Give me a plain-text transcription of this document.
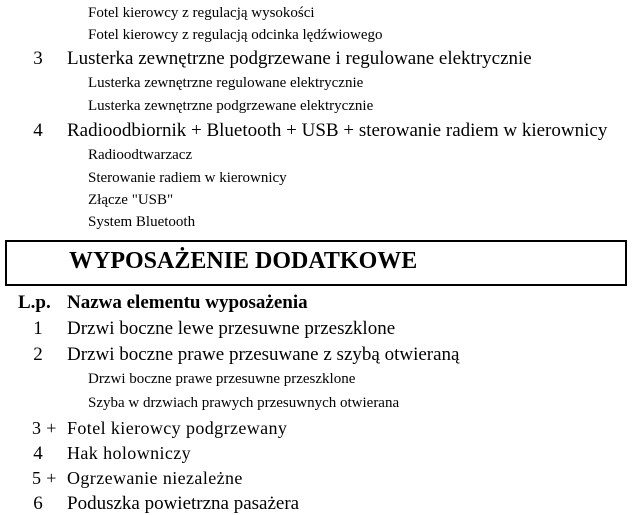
Fotel kierowcy z regulacją wysokości
Fotel kierowcy z regulacją odcinka lędźwiowego
3	Lusterka zewnętrzne podgrzewane i regulowane elektrycznie
Lusterka zewnętrzne regulowane elektrycznie
Lusterka zewnętrzne podgrzewane elektrycznie
4	Radioodbiornik + Bluetooth + USB + sterowanie radiem w kierownicy
Radioodtwarzacz
Sterowanie radiem w kierownicy
Złącze "USB"
System Bluetooth
WYPOSAŻENIE DODATKOWE
L.p. Nazwa elementu wyposażenia
1	Drzwi boczne lewe przesuwne przeszklone
2	Drzwi boczne prawe przesuwane z szybą otwieraną
Drzwi boczne prawe przesuwne przeszklone
Szyba w drzwiach prawych przesuwnych otwierana
3 + Fotel kierowcy podgrzewany
4	Hak holowniczy
5 + Ogrzewanie niezależne
6	Poduszka powietrzna pasażera
